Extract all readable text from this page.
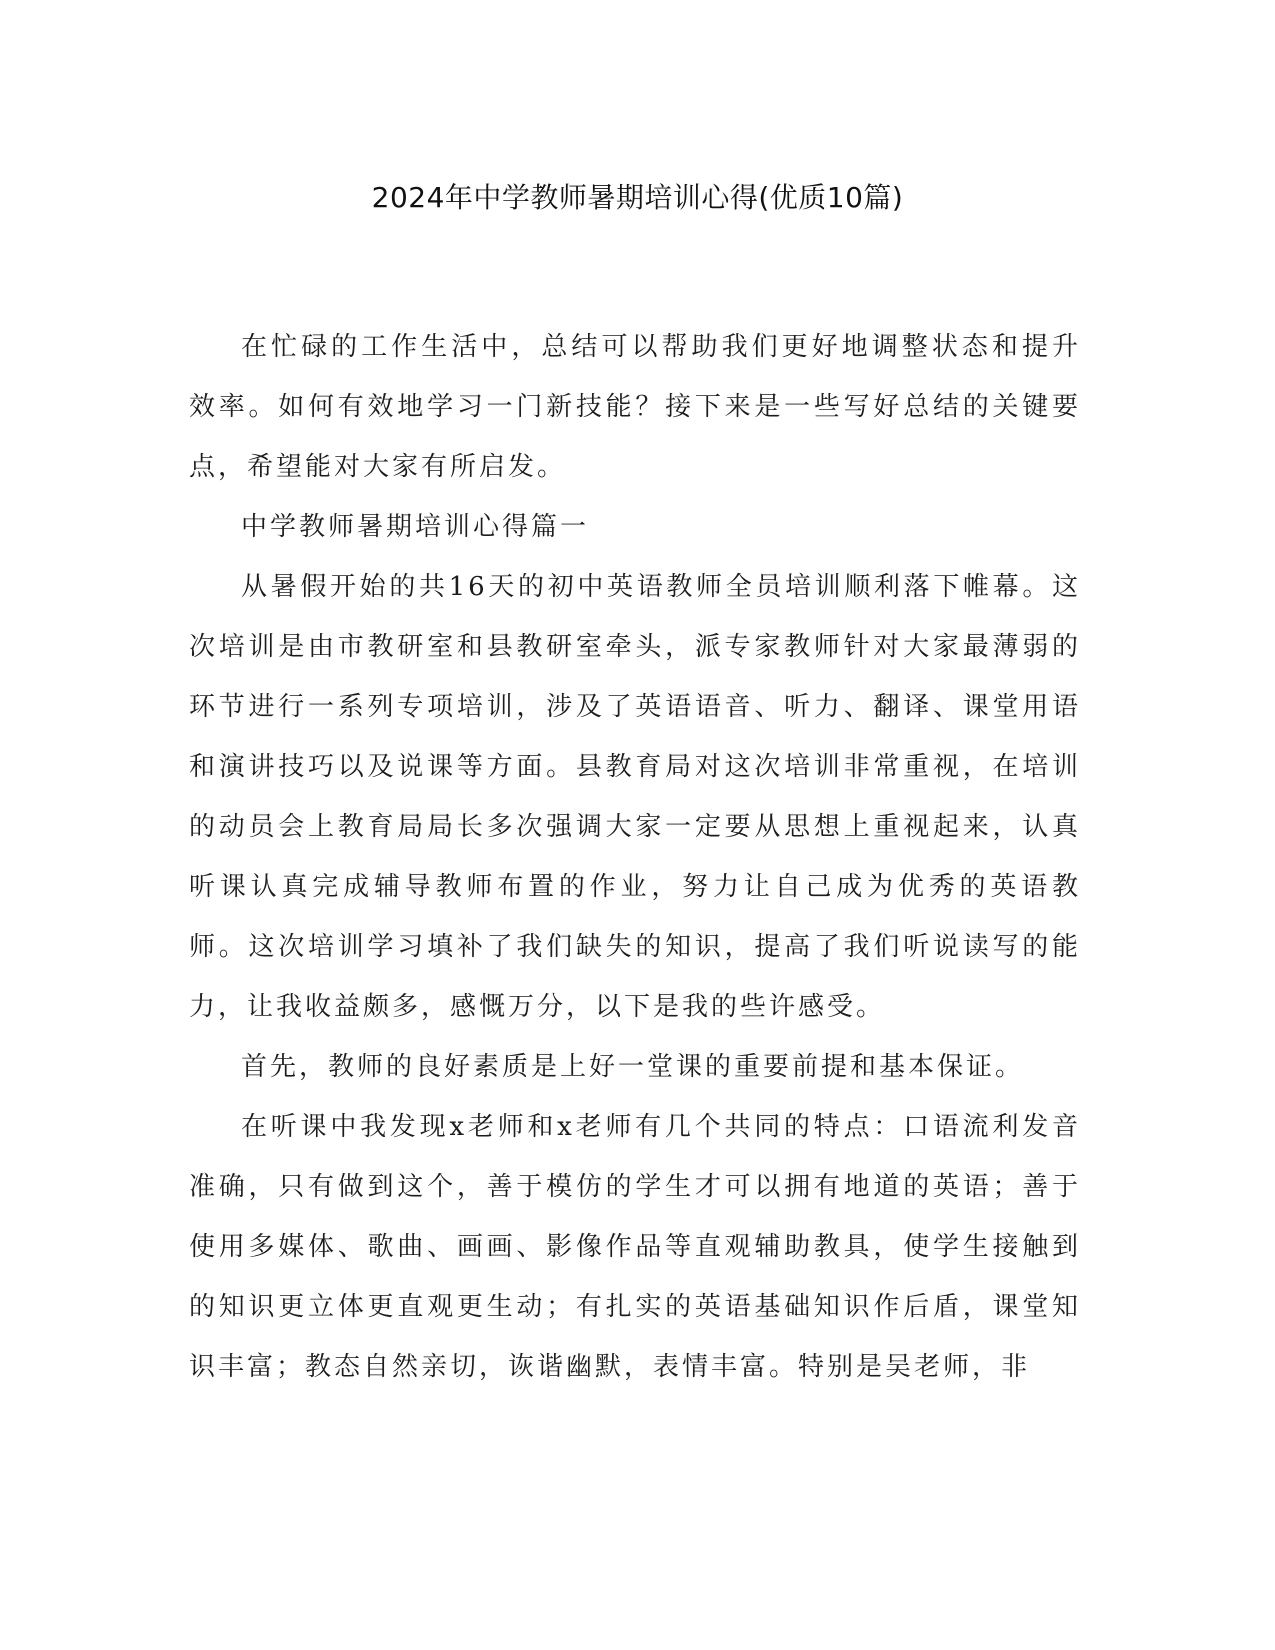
2024年中学教师暑期培训心得(优质10篇)

在忙碌的工作生活中，总结可以帮助我们更好地调整状态和提升效率。如何有效地学习一门新技能？接下来是一些写好总结的关键要点，希望能对大家有所启发。

中学教师暑期培训心得篇一

从暑假开始的共16天的初中英语教师全员培训顺利落下帷幕。这次培训是由市教研室和县教研室牵头，派专家教师针对大家最薄弱的环节进行一系列专项培训，涉及了英语语音、听力、翻译、课堂用语和演讲技巧以及说课等方面。县教育局对这次培训非常重视，在培训的动员会上教育局局长多次强调大家一定要从思想上重视起来，认真听课认真完成辅导教师布置的作业，努力让自己成为优秀的英语教师。这次培训学习填补了我们缺失的知识，提高了我们听说读写的能力，让我收益颇多，感慨万分，以下是我的些许感受。

首先，教师的良好素质是上好一堂课的重要前提和基本保证。

在听课中我发现x老师和x老师有几个共同的特点：口语流利发音准确，只有做到这个，善于模仿的学生才可以拥有地道的英语；善于使用多媒体、歌曲、画画、影像作品等直观辅助教具，使学生接触到的知识更立体更直观更生动；有扎实的英语基础知识作后盾，课堂知识丰富；教态自然亲切，诙谐幽默，表情丰富。特别是吴老师，非
